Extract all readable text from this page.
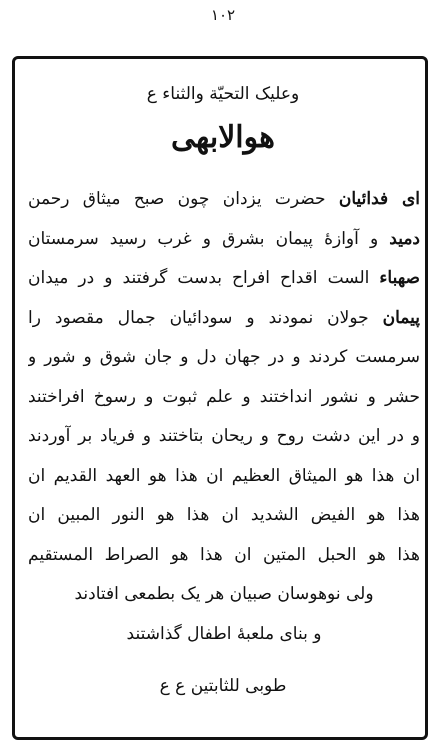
۱۰۲
وعلیک التحیّة والثناء ع
هوالابهی
ای فدائیان حضرت یزدان چون صبح میثاق رحمن
دمید و آوازهٔ پیمان بشرق و غرب رسید سرمستان
صهباء الست اقداح افراح بدست گرفتند و در میدان
پیمان جولان نمودند و سودائیان جمال مقصود را
سرمست کردند و در جهان دل و جان شوق و شور و
حشر و نشور انداختند و علم ثبوت و رسوخ افراختند
و در این دشت روح و ریحان بتاختند و فریاد بر آوردند
ان هذا هو المیثاق العظیم ان هذا هو العهد القدیم ان
هذا هو الفیض الشدید ان هذا هو النور المبین ان
هذا هو الحبل المتین ان هذا هو الصراط المستقیم
ولی نوهوسان صبیان هر یک بطمعی افتادند
و بنای ملعبهٔ اطفال گذاشتند
طوبی للثابتین ع ع
